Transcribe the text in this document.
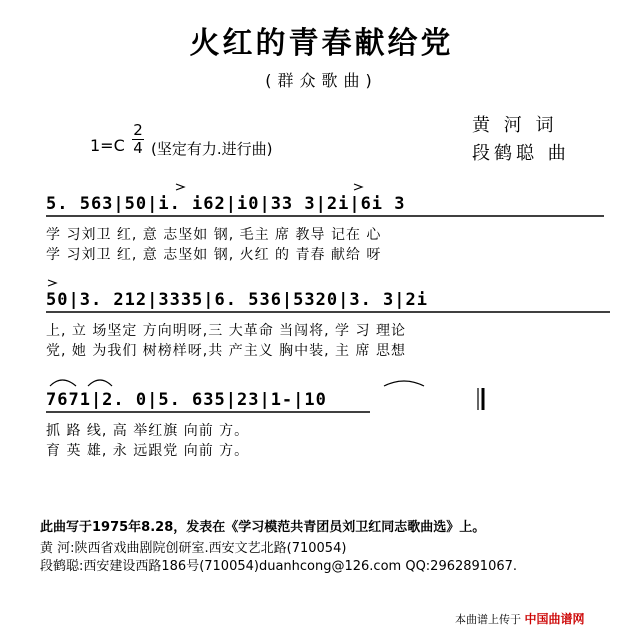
火红的青春献给党
(群众歌曲)
黄 河 词
段鹤聪 曲
$1=C \frac{2}{4}$ (坚定有力.进行曲)
5. 563|50|i. i62|i0|33 3|2i|6i 3
学 习刘卫 红, 意 志坚如 钢, 毛主 席 教导 记在 心
学 习刘卫 红, 意 志坚如 钢, 火红 的 青春 献给 呀
50|3. 212|3335|6. 536|5320|3. 3|2i
上, 立 场坚定 方向明呀,三 大革命 当闯将, 学 习 理论
党, 她 为我们 树榜样呀,共 产主义 胸中装, 主 席 思想
7671|2. 0|5. 635|23|1-|10
抓 路 线, 高 举红旗 向前 方。
育 英 雄, 永 远跟党 向前 方。
此曲写于1975年8.28，发表在《学习模范共青团员刘卫红同志歌曲选》上。
黄 河:陕西省戏曲剧院创研室.西安文艺北路(710054)
段鹤聪:西安建设西路186号(710054)duanhcong@126.com QQ:2962891067.
本曲谱上传于 中国曲谱网
